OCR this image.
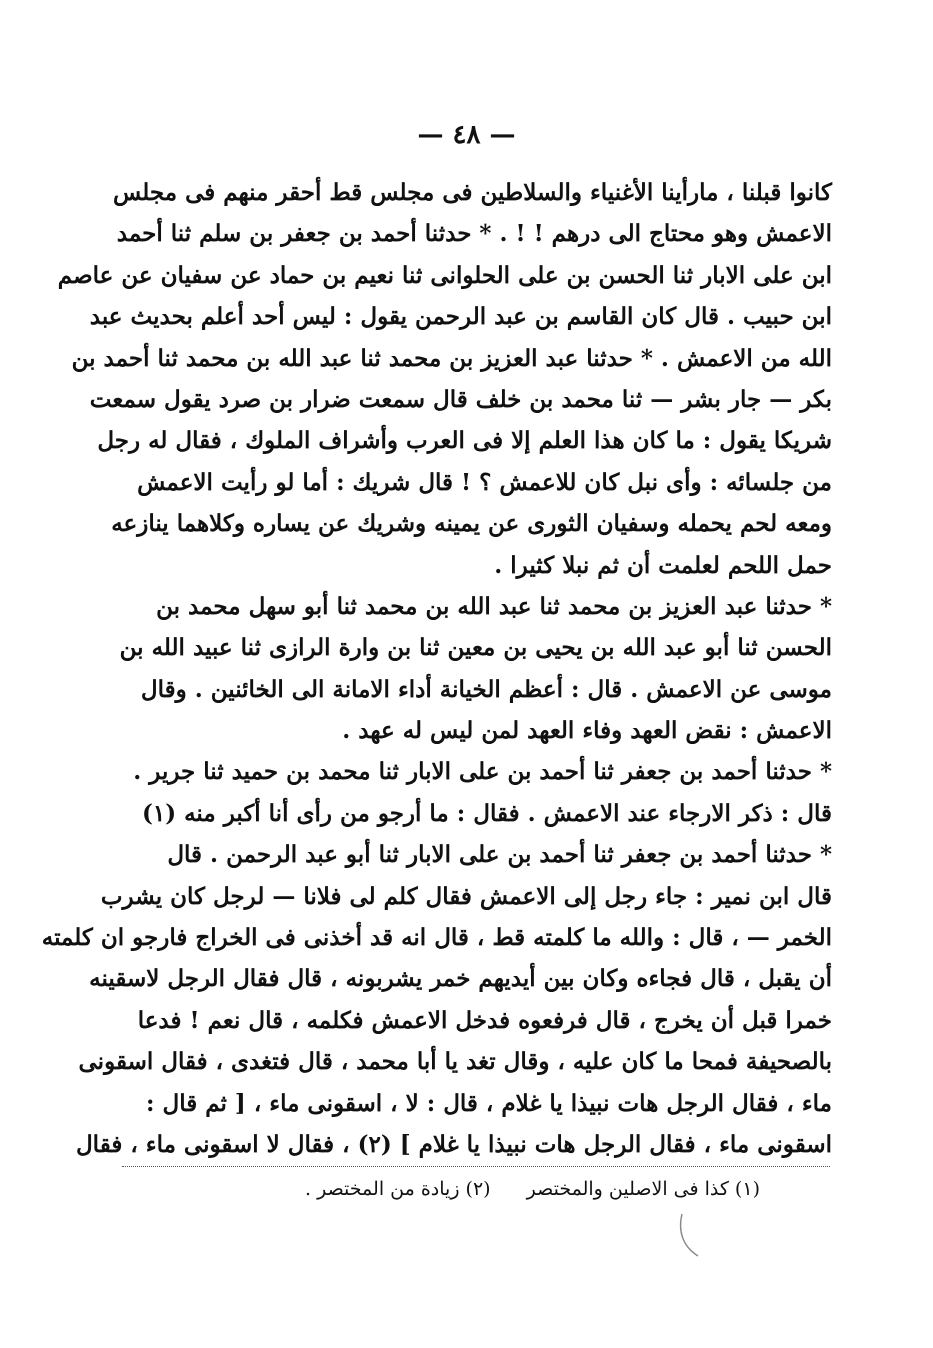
— ٤٨ —
كانوا قبلنا ، مارأينا الأغنياء والسلاطين فى مجلس قط أحقر منهم فى مجلس
الاعمش وهو محتاج الى درهم ! ! . * حدثنا أحمد بن جعفر بن سلم ثنا أحمد
ابن على الابار ثنا الحسن بن على الحلوانى ثنا نعيم بن حماد عن سفيان عن عاصم
ابن حبيب . قال كان القاسم بن عبد الرحمن يقول : ليس أحد أعلم بحديث عبد
الله من الاعمش . * حدثنا عبد العزيز بن محمد ثنا عبد الله بن محمد ثنا أحمد بن
بكر — جار بشر — ثنا محمد بن خلف قال سمعت ضرار بن صرد يقول سمعت
شريكا يقول : ما كان هذا العلم إلا فى العرب وأشراف الملوك ، فقال له رجل
من جلسائه : وأى نبل كان للاعمش ؟ ! قال شريك : أما لو رأيت الاعمش
ومعه لحم يحمله وسفيان الثورى عن يمينه وشريك عن يساره وكلاهما ينازعه
حمل اللحم لعلمت أن ثم نبلا كثيرا .
* حدثنا عبد العزيز بن محمد ثنا عبد الله بن محمد ثنا أبو سهل محمد بن
الحسن ثنا أبو عبد الله بن يحيى بن معين ثنا بن وارة الرازى ثنا عبيد الله بن
موسى عن الاعمش . قال : أعظم الخيانة أداء الامانة الى الخائنين . وقال
الاعمش : نقض العهد وفاء العهد لمن ليس له عهد .
* حدثنا أحمد بن جعفر ثنا أحمد بن على الابار ثنا محمد بن حميد ثنا جرير .
قال : ذكر الارجاء عند الاعمش . فقال : ما أرجو من رأى أنا أكبر منه (١)
* حدثنا أحمد بن جعفر ثنا أحمد بن على الابار ثنا أبو عبد الرحمن . قال
قال ابن نمير : جاء رجل إلى الاعمش فقال كلم لى فلانا — لرجل كان يشرب
الخمر — ، قال : والله ما كلمته قط ، قال انه قد أخذنى فى الخراج فارجو ان كلمته
أن يقبل ، قال فجاءه وكان بين أيديهم خمر يشربونه ، قال فقال الرجل لاسقينه
خمرا قبل أن يخرج ، قال فرفعوه فدخل الاعمش فكلمه ، قال نعم ! فدعا
بالصحيفة فمحا ما كان عليه ، وقال تغد يا أبا محمد ، قال فتغدى ، فقال اسقونى
ماء ، فقال الرجل هات نبيذا يا غلام ، قال : لا ، اسقونى ماء ، [ ثم قال :
اسقونى ماء ، فقال الرجل هات نبيذا يا غلام ] (٢) ، فقال لا اسقونى ماء ، فقال
(١) كذا فى الاصلين والمختصر (٢) زيادة من المختصر .
